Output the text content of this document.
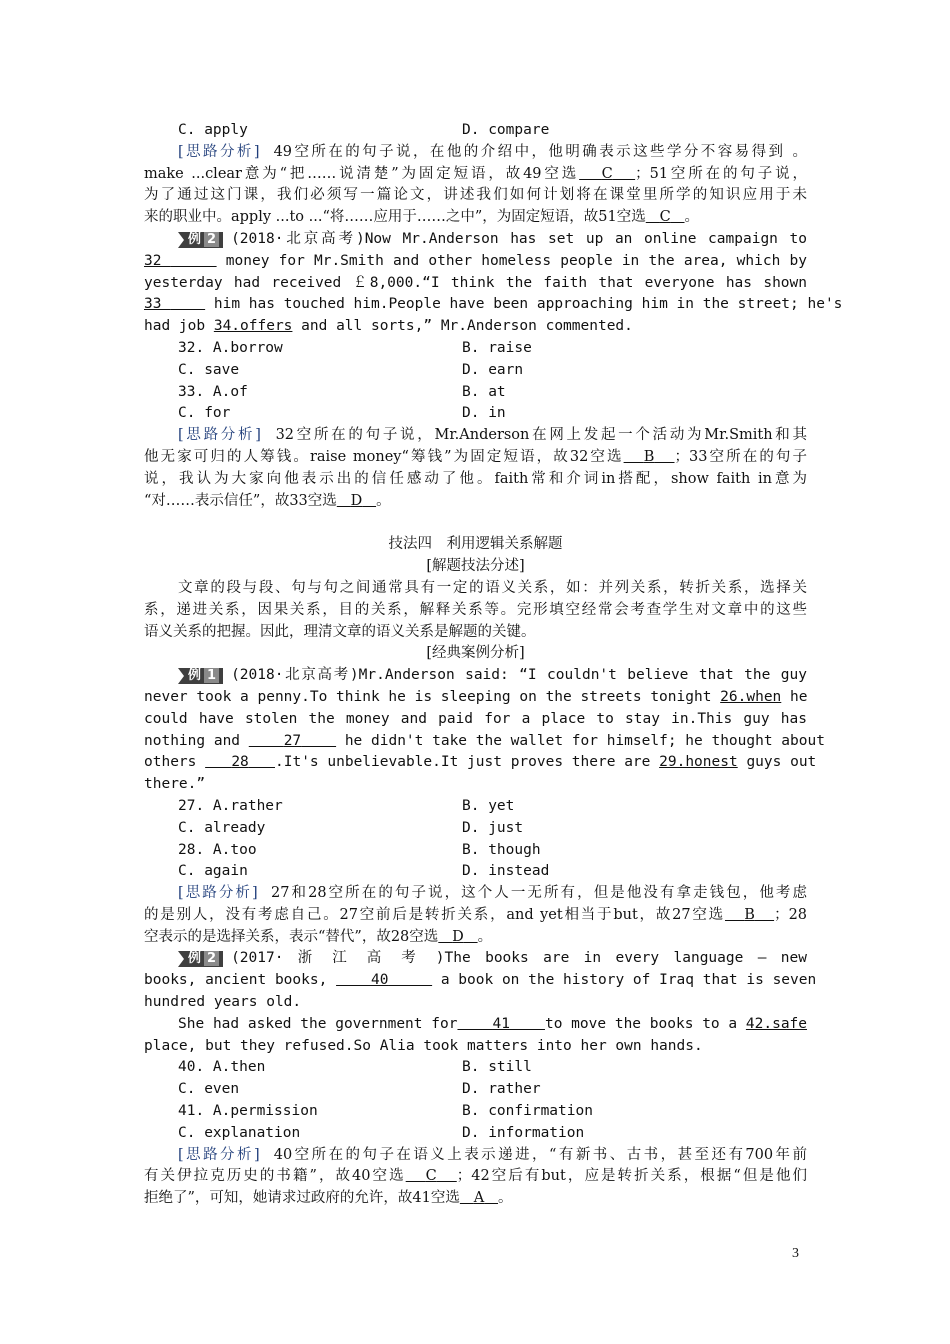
C. apply	D. compare
[思路分析] 49空所在的句子说，在他的介绍中，他明确表示这些学分不容易得到 。
make ...clear意为“把……说清楚”为固定短语，故49空选 C ；51空所在的句子说，
为了通过这门课，我们必须写一篇论文，讲述我们如何计划将在课堂里所学的知识应用于未
来的职业中。apply ...to ...“将……应用于……之中”，为固定短语，故51空选 C 。
例 2 (2018·北京高考)Now Mr.Anderson has set up an online campaign to
32	money for Mr.Smith and other homeless people in the area, which by
yesterday had received ￡8,000.“I think the faith that everyone has shown
33	him has touched him.People have been approaching him in the street; he's
had job 34.offers and all sorts,” Mr.Anderson commented.
32. A.borrow	B. raise
C. save	D. earn
33. A.of	B. at
C. for	D. in
[思路分析] 32空所在的句子说，Mr.Anderson在网上发起一个活动为Mr.Smith和其
他无家可归的人筹钱。raise money“筹钱”为固定短语，故32空选 B ；33空所在的句子
说，我认为大家向他表示出的信任感动了他。faith常和介词in搭配，show faith in意为
“对……表示信任”，故33空选 D 。
技法四　利用逻辑关系解题
[解题技法分述]
文章的段与段、句与句之间通常具有一定的语义关系，如：并列关系，转折关系，选择关
系，递进关系，因果关系，目的关系，解释关系等。完形填空经常会考查学生对文章中的这些
语义关系的把握。因此，理清文章的语义关系是解题的关键。
[经典案例分析]
例 1 (2018·北京高考)Mr.Anderson said: “I couldn't believe that the guy
never took a penny.To think he is sleeping on the streets tonight 26.when he
could have stolen the money and paid for a place to stay in.This guy has
nothing and	27	he didn't take the wallet for himself; he thought about
others 28 .It's unbelievable.It just proves there are 29.honest guys out
there.”
27. A.rather	B. yet
C. already	D. just
28. A.too	B. though
C. again	D. instead
[思路分析] 27和28空所在的句子说，这个人一无所有，但是他没有拿走钱包，他考虑
的是别人，没有考虑自己。27空前后是转折关系，and yet相当于but，故27空选 B ；28
空表示的是选择关系，表示“替代”，故28空选 D 。
例 2 (2017· 浙 江 高 考 )The books are in every language — new
books, ancient books,	40	a book on the history of Iraq that is seven
hundred years old.
She had asked the government for 41 to move the books to a 42.safe
place, but they refused.So Alia took matters into her own hands.
40. A.then	B. still
C. even	D. rather
41. A.permission	B. confirmation
C. explanation	D. information
[思路分析] 40空所在的句子在语义上表示递进，“有新书、古书，甚至还有700年前
有关伊拉克历史的书籍”，故40空选 C ；42空后有but，应是转折关系，根据“但是他们
拒绝了”，可知，她请求过政府的允许，故41空选 A 。
3
